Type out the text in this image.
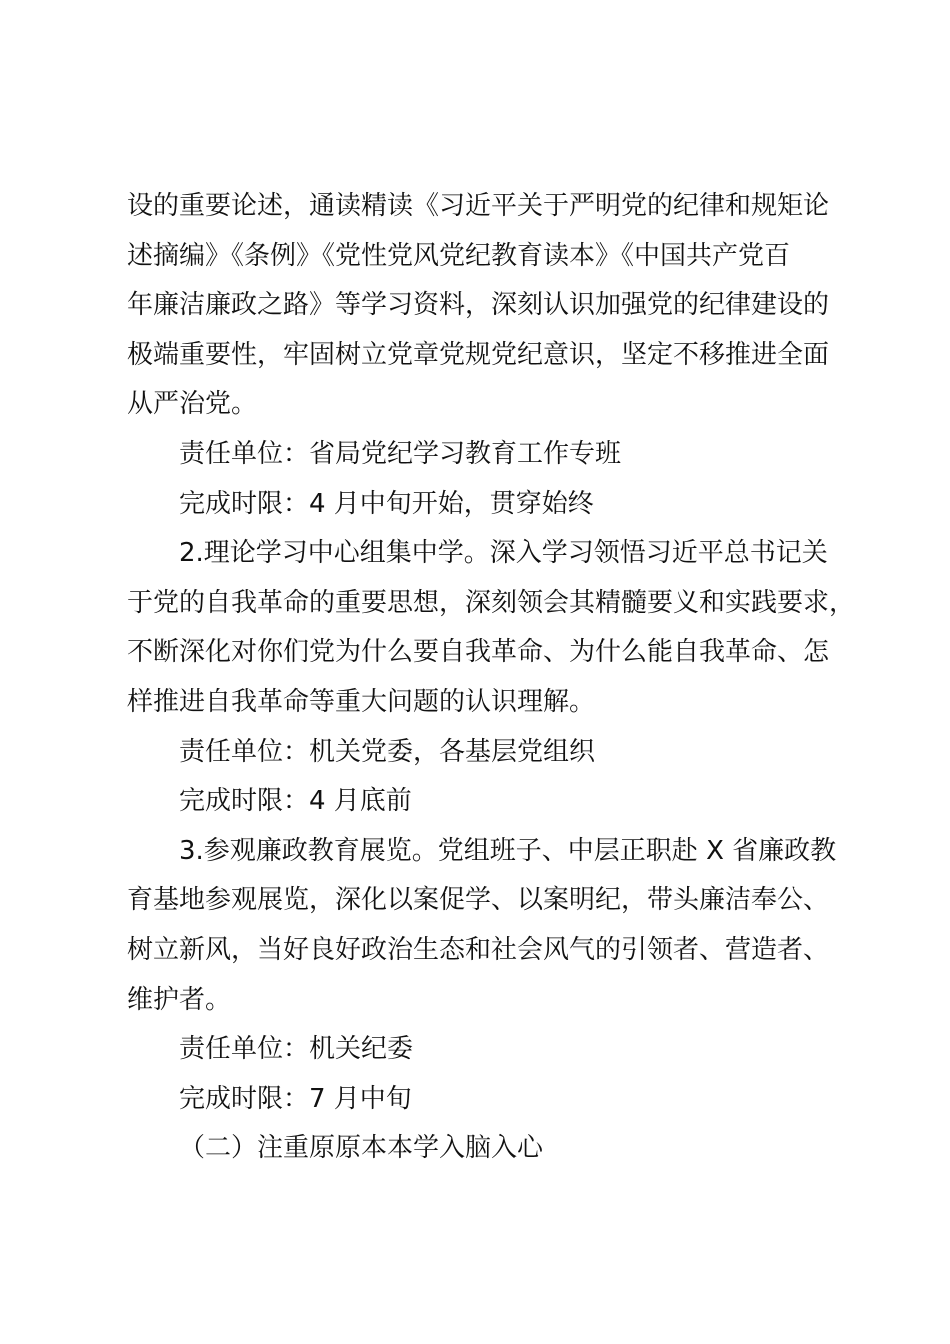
设的重要论述，通读精读《习近平关于严明党的纪律和规矩论
述摘编》《条例》《党性党风党纪教育读本》《中国共产党百
年廉洁廉政之路》等学习资料，深刻认识加强党的纪律建设的
极端重要性，牢固树立党章党规党纪意识，坚定不移推进全面
从严治党。
责任单位：省局党纪学习教育工作专班
完成时限：4 月中旬开始，贯穿始终
2.理论学习中心组集中学。深入学习领悟习近平总书记关
于党的自我革命的重要思想，深刻领会其精髓要义和实践要求，
不断深化对你们党为什么要自我革命、为什么能自我革命、怎
样推进自我革命等重大问题的认识理解。
责任单位：机关党委，各基层党组织
完成时限：4 月底前
3.参观廉政教育展览。党组班子、中层正职赴 X 省廉政教
育基地参观展览，深化以案促学、以案明纪，带头廉洁奉公、
树立新风，当好良好政治生态和社会风气的引领者、营造者、
维护者。
责任单位：机关纪委
完成时限：7 月中旬
（二）注重原原本本学入脑入心
